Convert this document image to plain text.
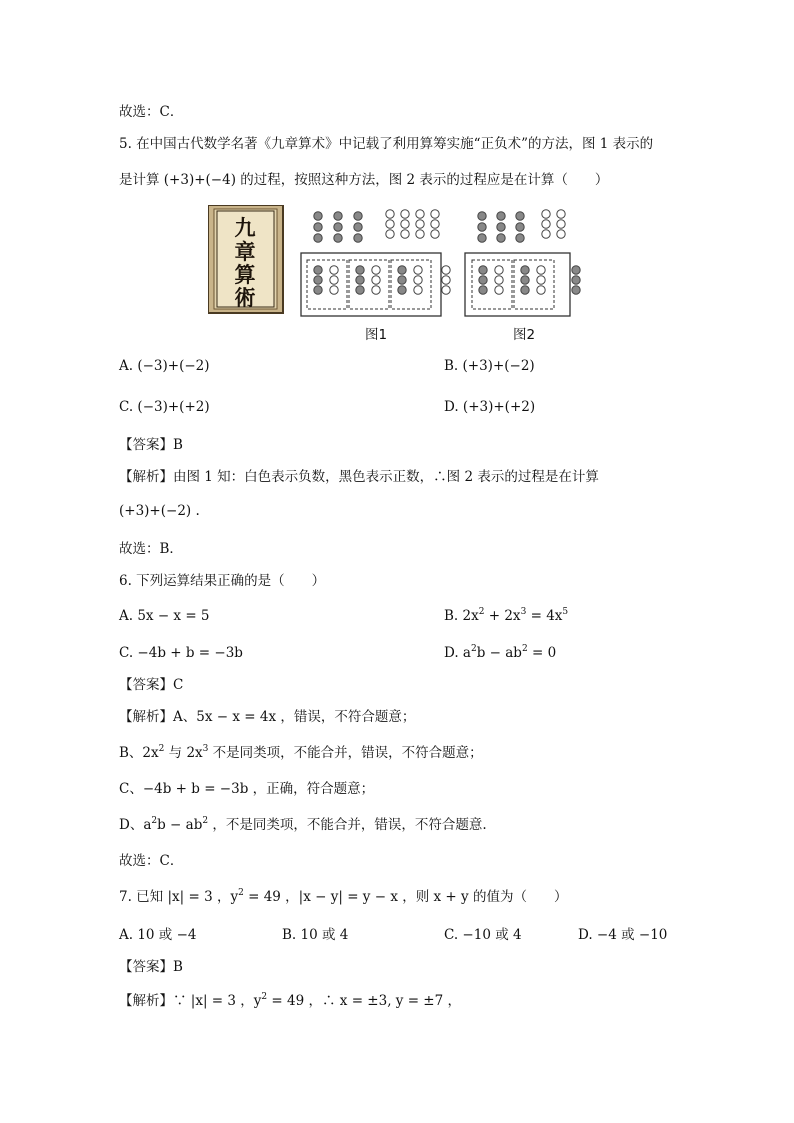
故选：C．
5. 在中国古代数学名著《九章算术》中记载了利用算筹实施“正负术”的方法，图 1 表示的
是计算 (+3)+(−4) 的过程，按照这种方法，图 2 表示的过程应是在计算（　　）
九
章
算
術
图1	图2
A. (−3)+(−2)	B. (+3)+(−2)
C. (−3)+(+2)	D. (+3)+(+2)
【答案】B
【解析】由图 1 知：白色表示负数，黑色表示正数，∴图 2 表示的过程是在计算
(+3)+(−2) .
故选：B．
6. 下列运算结果正确的是（　　）
A. 5x − x = 5	B. $2x^2 + 2x^3 = 4x^5$
C. −4b + b = −3b	D. $a^2b - ab^2 = 0$
【答案】C
【解析】A、5x − x = 4x ，错误，不符合题意；
B、$2x^2$ 与 $2x^3$ 不是同类项，不能合并，错误，不符合题意；
C、−4b + b = −3b ，正确，符合题意；
D、$a^2b - ab^2$ ，不是同类项，不能合并，错误，不符合题意.
故选：C．
7. 已知 |x| = 3 ，$y^2 = 49$ ，|x − y| = y − x ，则 x + y 的值为（　　）
A. 10 或 −4	B. 10 或 4	C. −10 或 4	D. −4 或 −10
【答案】B
【解析】∵ |x| = 3 ，$y^2 = 49$ ，∴ x = ±3, y = ±7 ，
